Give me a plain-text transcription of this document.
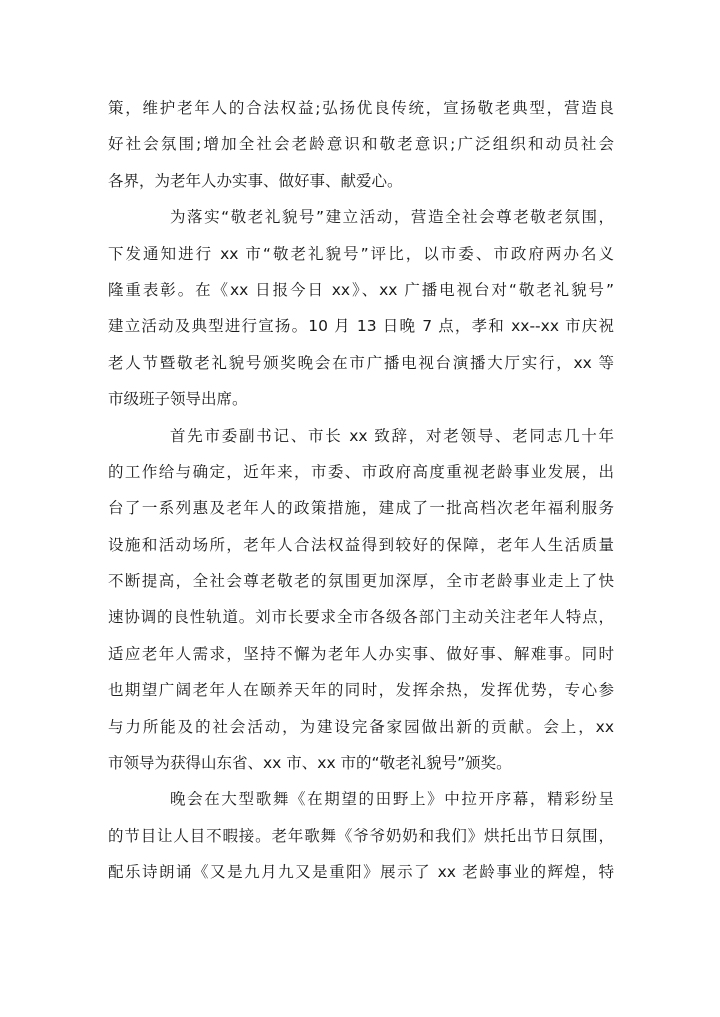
策，维护老年人的合法权益;弘扬优良传统，宣扬敬老典型，营造良
好社会氛围;增加全社会老龄意识和敬老意识;广泛组织和动员社会
各界，为老年人办实事、做好事、献爱心。
为落实“敬老礼貌号”建立活动，营造全社会尊老敬老氛围，
下发通知进行 xx 市“敬老礼貌号”评比，以市委、市政府两办名义
隆重表彰。在《xx 日报今日 xx》、xx 广播电视台对“敬老礼貌号”
建立活动及典型进行宣扬。10 月 13 日晚 7 点，孝和 xx--xx 市庆祝
老人节暨敬老礼貌号颁奖晚会在市广播电视台演播大厅实行，xx 等
市级班子领导出席。
首先市委副书记、市长 xx 致辞，对老领导、老同志几十年
的工作给与确定，近年来，市委、市政府高度重视老龄事业发展，出
台了一系列惠及老年人的政策措施，建成了一批高档次老年福利服务
设施和活动场所，老年人合法权益得到较好的保障，老年人生活质量
不断提高，全社会尊老敬老的氛围更加深厚，全市老龄事业走上了快
速协调的良性轨道。刘市长要求全市各级各部门主动关注老年人特点，
适应老年人需求，坚持不懈为老年人办实事、做好事、解难事。同时
也期望广阔老年人在颐养天年的同时，发挥余热，发挥优势，专心参
与力所能及的社会活动，为建设完备家园做出新的贡献。会上，xx
市领导为获得山东省、xx 市、xx 市的“敬老礼貌号”颁奖。
晚会在大型歌舞《在期望的田野上》中拉开序幕，精彩纷呈
的节目让人目不暇接。老年歌舞《爷爷奶奶和我们》烘托出节日氛围，
配乐诗朗诵《又是九月九又是重阳》展示了 xx 老龄事业的辉煌，特
